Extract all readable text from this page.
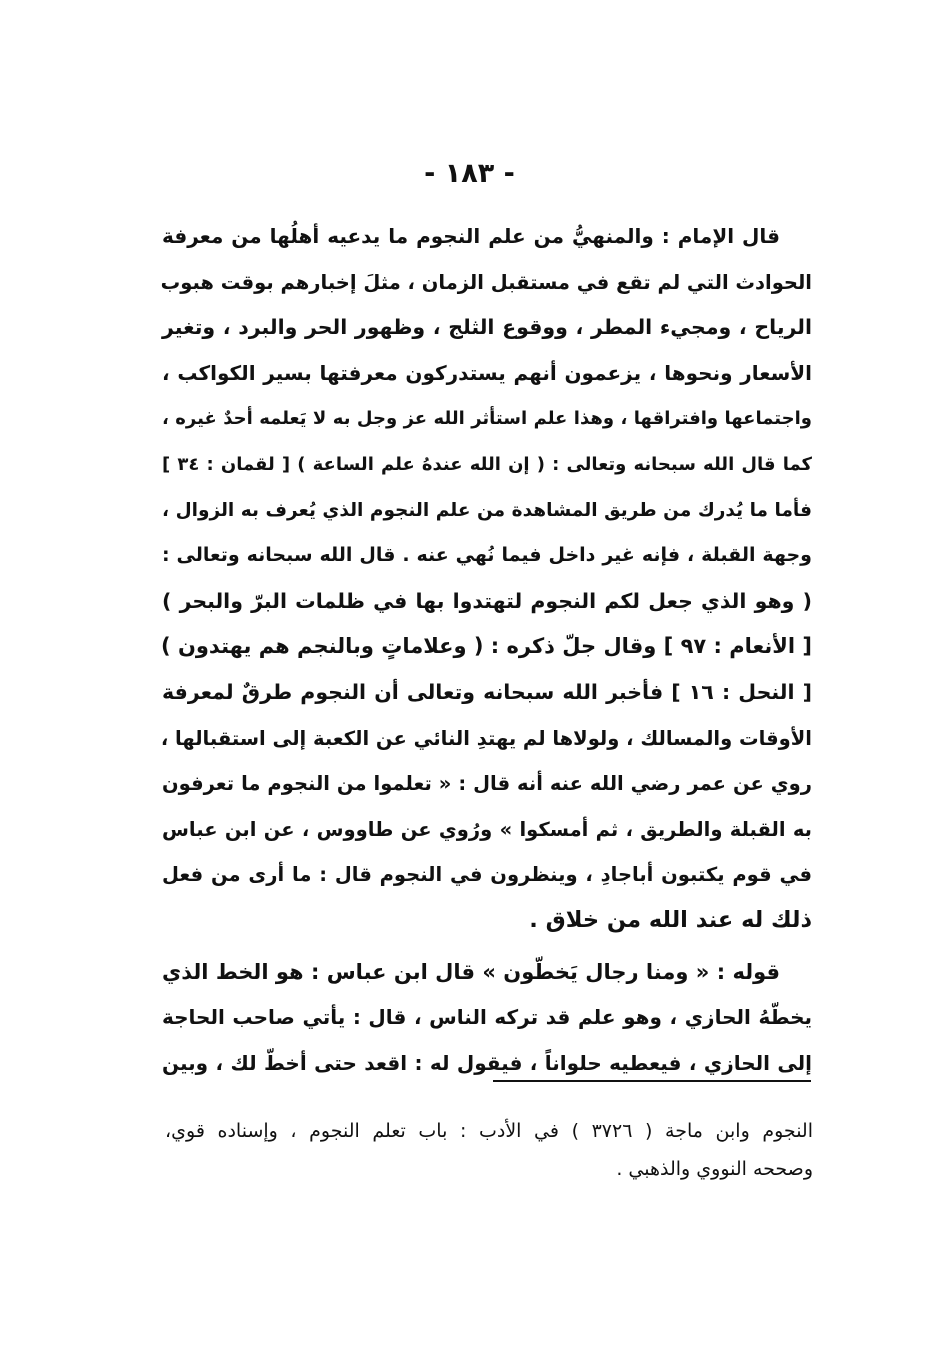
- ١٨٣ -
قال الإمام : والمنهيُّ من علم النجوم ما يدعيه أهلُها من معرفة
الحوادث التي لم تقع في مستقبل الزمان ، مثلَ إخبارهم بوقت هبوب
الرياح ، ومجيء المطر ، ووقوع الثلج ، وظهور الحر والبرد ، وتغير
الأسعار ونحوها ، يزعمون أنهم يستدركون معرفتها بسير الكواكب ،
واجتماعها وافتراقها ، وهذا علم استأثر الله عز وجل به لا يَعلمه أحدٌ غيره ،
كما قال الله سبحانه وتعالى : ( إن الله عندهُ علم الساعة ) [ لقمان : ٣٤ ]
فأما ما يُدرك من طريق المشاهدة من علم النجوم الذي يُعرف به الزوال ،
وجهة القبلة ، فإنه غير داخل فيما نُهي عنه . قال الله سبحانه وتعالى :
( وهو الذي جعل لكم النجوم لتهتدوا بها في ظلمات البرّ والبحر )
[ الأنعام : ٩٧ ] وقال جلّ ذكره : ( وعلاماتٍ وبالنجم هم يهتدون )
[ النحل : ١٦ ] فأخبر الله سبحانه وتعالى أن النجوم طرقٌ لمعرفة
الأوقات والمسالك ، ولولاها لم يهتدِ النائي عن الكعبة إلى استقبالها ،
روي عن عمر رضي الله عنه أنه قال : « تعلموا من النجوم ما تعرفون
به القبلة والطريق ، ثم أمسكوا » ورُوي عن طاووس ، عن ابن عباس
في قوم يكتبون أباجادِ ، وينظرون في النجوم قال : ما أرى من فعل
ذلك له عند الله من خلاق .
قوله : « ومنا رجال يَخطّون » قال ابن عباس : هو الخط الذي
يخطّهُ الحازي ، وهو علم قد تركه الناس ، قال : يأتي صاحب الحاجة
إلى الحازي ، فيعطيه حلواناً ، فيقول له : اقعد حتى أخطّ لك ، وبين
النجوم وابن ماجة ( ٣٧٢٦ ) في الأدب : باب تعلم النجوم ، وإسناده قوي،
وصححه النووي والذهبي .
